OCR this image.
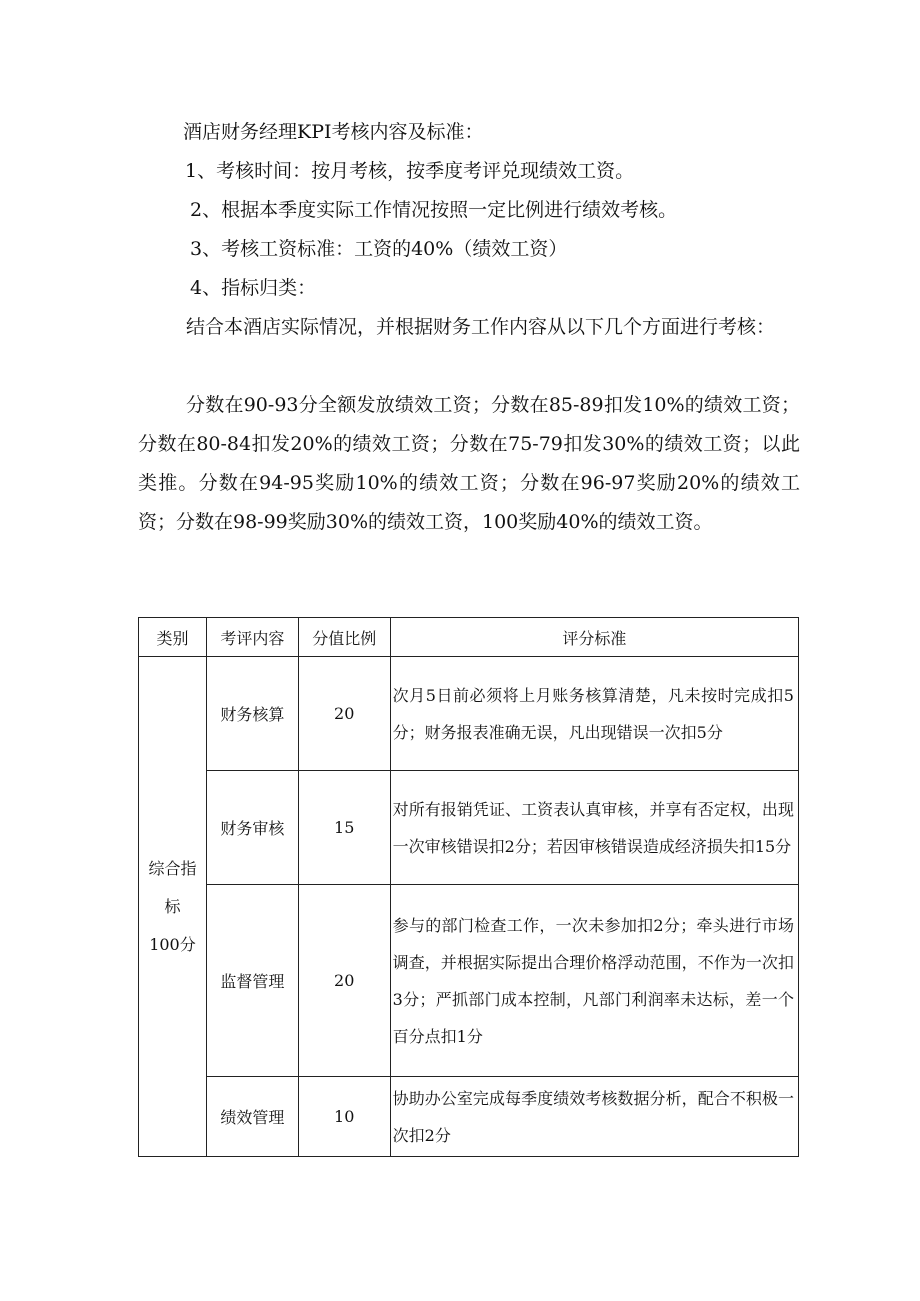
酒店财务经理KPI考核内容及标准：
1、考核时间：按月考核，按季度考评兑现绩效工资。
2、根据本季度实际工作情况按照一定比例进行绩效考核。
3、考核工资标准：工资的40%（绩效工资）
4、指标归类：

结合本酒店实际情况，并根据财务工作内容从以下几个方面进行考核：

分数在90-93分全额发放绩效工资；分数在85-89扣发10%的绩效工资；分数在80-84扣发20%的绩效工资；分数在75-79扣发30%的绩效工资；以此类推。分数在94-95奖励10%的绩效工资；分数在96-97奖励20%的绩效工资；分数在98-99奖励30%的绩效工资，100奖励40%的绩效工资。

类别	考评内容	分值比例	评分标准

综合指
标
100分	财务核算	20	次月5日前必须将上月账务核算清楚，凡未按时完成扣5分；财务报表准确无误，凡出现错误一次扣5分
	财务审核	15	对所有报销凭证、工资表认真审核，并享有否定权，出现一次审核错误扣2分；若因审核错误造成经济损失扣15分
	监督管理	20	参与的部门检查工作，一次未参加扣2分；牵头进行市场调查，并根据实际提出合理价格浮动范围，不作为一次扣3分；严抓部门成本控制，凡部门利润率未达标，差一个百分点扣1分
	绩效管理	10	协助办公室完成每季度绩效考核数据分析，配合不积极一次扣2分
